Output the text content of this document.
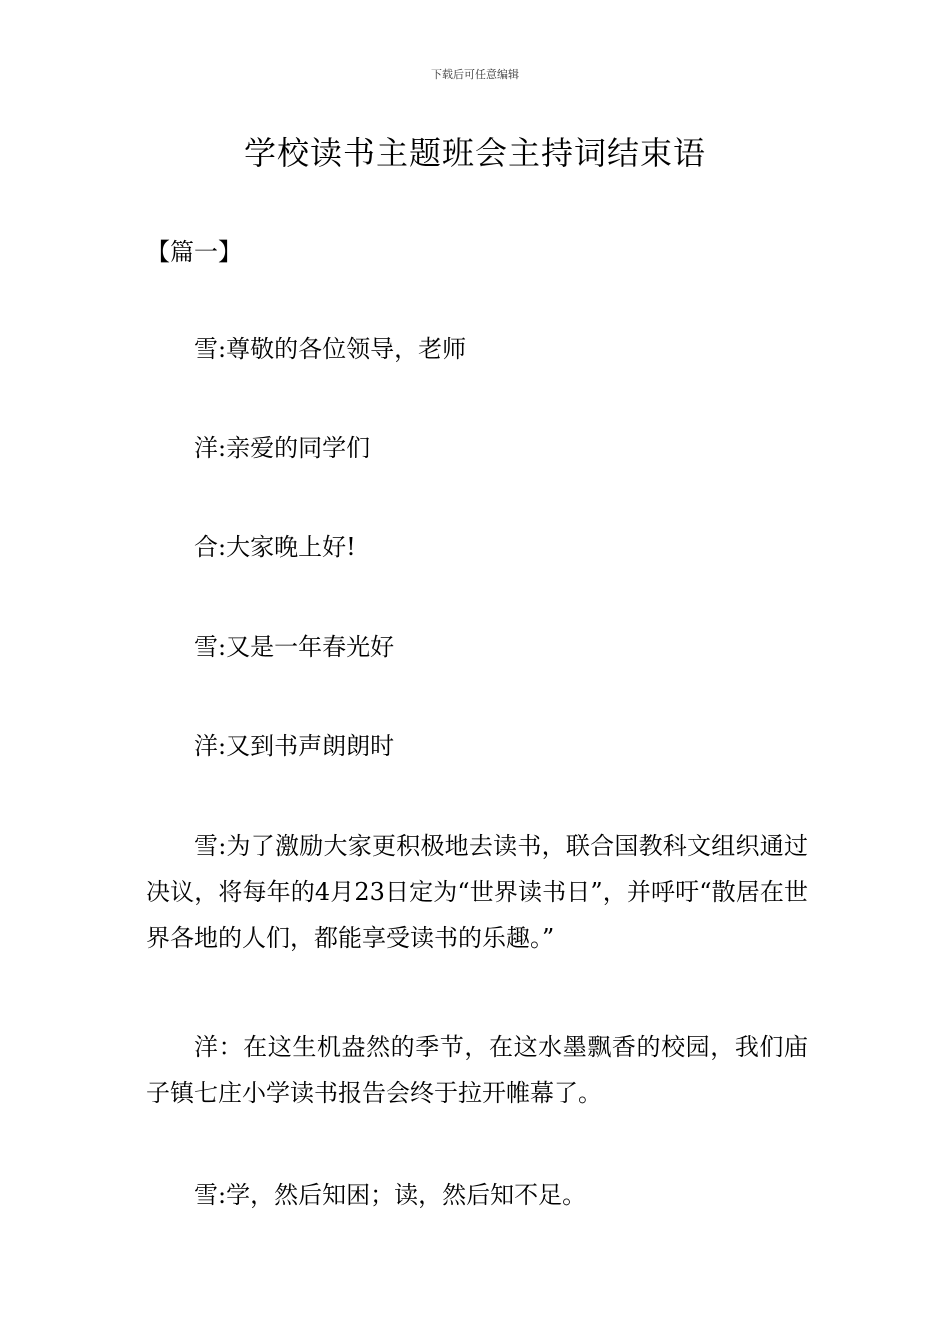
下载后可任意编辑
学校读书主题班会主持词结束语
【篇一】

雪:尊敬的各位领导，老师

洋:亲爱的同学们

合:大家晚上好!

雪:又是一年春光好

洋:又到书声朗朗时

雪:为了激励大家更积极地去读书，联合国教科文组织通过决议，将每年的4月23日定为“世界读书日”，并呼吁“散居在世界各地的人们，都能享受读书的乐趣。”

洋：在这生机盎然的季节，在这水墨飘香的校园，我们庙子镇七庄小学读书报告会终于拉开帷幕了。

雪:学，然后知困；读，然后知不足。
